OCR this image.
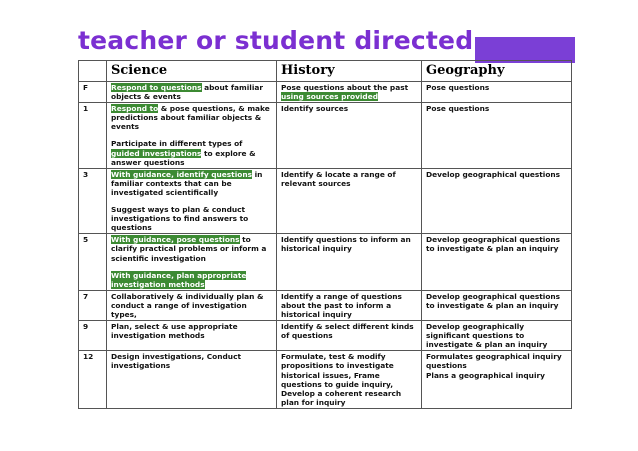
teacher or student directed
	Science	History	Geography
F	Respond to questions about familiar objects & events	Pose questions about the past using sources provided	Pose questions

1	Respond to & pose questions, & make predictions about familiar objects & events
Participate in different types of guided investigations to explore & answer questions	Identify sources	Pose questions

3	With guidance, identify questions in familiar contexts that can be investigated scientifically
Suggest ways to plan & conduct investigations to find answers to questions	Identify & locate a range of relevant sources	Develop geographical questions

5	With guidance, pose questions to clarify practical problems or inform a scientific investigation
With guidance, plan appropriate investigation methods	Identify questions to inform an historical inquiry	Develop geographical questions to investigate & plan an inquiry

7	Collaboratively & individually plan & conduct a range of investigation types,	Identify a range of questions about the past to inform a historical inquiry	Develop geographical questions to investigate & plan an inquiry

9	Plan, select & use appropriate investigation methods	Identify & select different kinds of questions	Develop geographically significant questions to investigate & plan an inquiry

12	Design investigations, Conduct investigations	Formulate, test & modify propositions to investigate historical issues, Frame questions to guide inquiry, Develop a coherent research plan for inquiry	Formulates geographical inquiry questions
Plans a geographical inquiry
